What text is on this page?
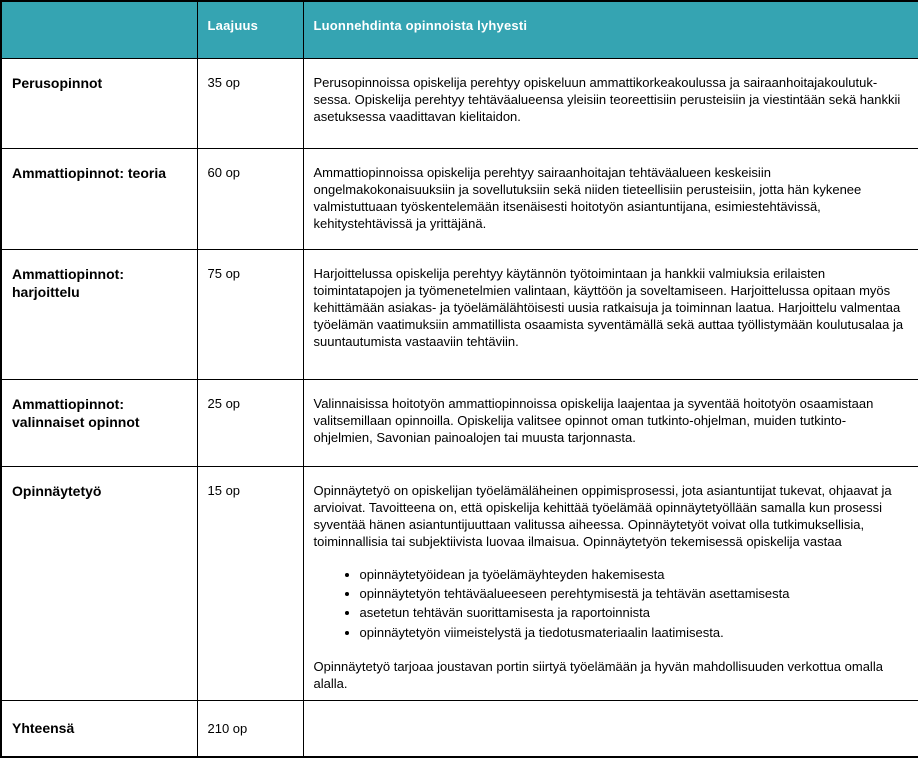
	Laajuus	Luonnehdinta opinnoista lyhyesti
Perusopinnot	35 op	Perusopinnoissa opiskelija perehtyy opiskeluun ammattikorkeakoulussa ja sairaanhoitajakoulutuk-sessa. Opiskelija perehtyy tehtäväalueensa yleisiin teoreettisiin perusteisiin ja viestintään sekä hankkii asetuksessa vaadittavan kielitaidon.

Ammattiopinnot: teoria	60 op	Ammattiopinnoissa opiskelija perehtyy sairaanhoitajan tehtäväalueen keskeisiin ongelmakokonaisuuksiin ja sovellutuksiin sekä niiden tieteellisiin perusteisiin, jotta hän kykenee valmistuttuaan työskentelemään itsenäisesti hoitotyön asiantuntijana, esimiestehtävissä, kehitystehtävissä ja yrittäjänä.

Ammattiopinnot: harjoittelu	75 op	Harjoittelussa opiskelija perehtyy käytännön työtoimintaan ja hankkii valmiuksia erilaisten toimintatapojen ja työmenetelmien valintaan, käyttöön ja soveltamiseen. Harjoittelussa opitaan myös kehittämään asiakas- ja työelämälähtöisesti uusia ratkaisuja ja toiminnan laatua. Harjoittelu valmentaa työelämän vaatimuksiin ammatillista osaamista syventämällä sekä auttaa työllistymään koulutusalaa ja suuntautumista vastaaviin tehtäviin.

Ammattiopinnot: valinnaiset opinnot	25 op	Valinnaisissa hoitotyön ammattiopinnoissa opiskelija laajentaa ja syventää hoitotyön osaamistaan valitsemillaan opinnoilla. Opiskelija valitsee opinnot oman tutkinto-ohjelman, muiden tutkinto-ohjelmien, Savonian painoalojen tai muusta tarjonnasta.

Opinnäytetyö	15 op	Opinnäytetyö on opiskelijan työelämäläheinen oppimisprosessi, jota asiantuntijat tukevat, ohjaavat ja arvioivat. Tavoitteena on, että opiskelija kehittää työelämää opinnäytetyöllään samalla kun prosessi syventää hänen asiantuntijuuttaan valitussa aiheessa. Opinnäytetyöt voivat olla tutkimuksellisia, toiminnallisia tai subjektiivista luovaa ilmaisua. Opinnäytetyön tekemisessä opiskelija vastaa

• opinnäytetyöidean ja työelämäyhteyden hakemisesta
• opinnäytetyön tehtäväalueeseen perehtymisestä ja tehtävän asettamisesta
• asetetun tehtävän suorittamisesta ja raportoinnista
• opinnäytetyön viimeistelystä ja tiedotusmateriaalin laatimisesta.

Opinnäytetyö tarjoaa joustavan portin siirtyä työelämään ja hyvän mahdollisuuden verkottua omalla alalla.

Yhteensä	210 op	
